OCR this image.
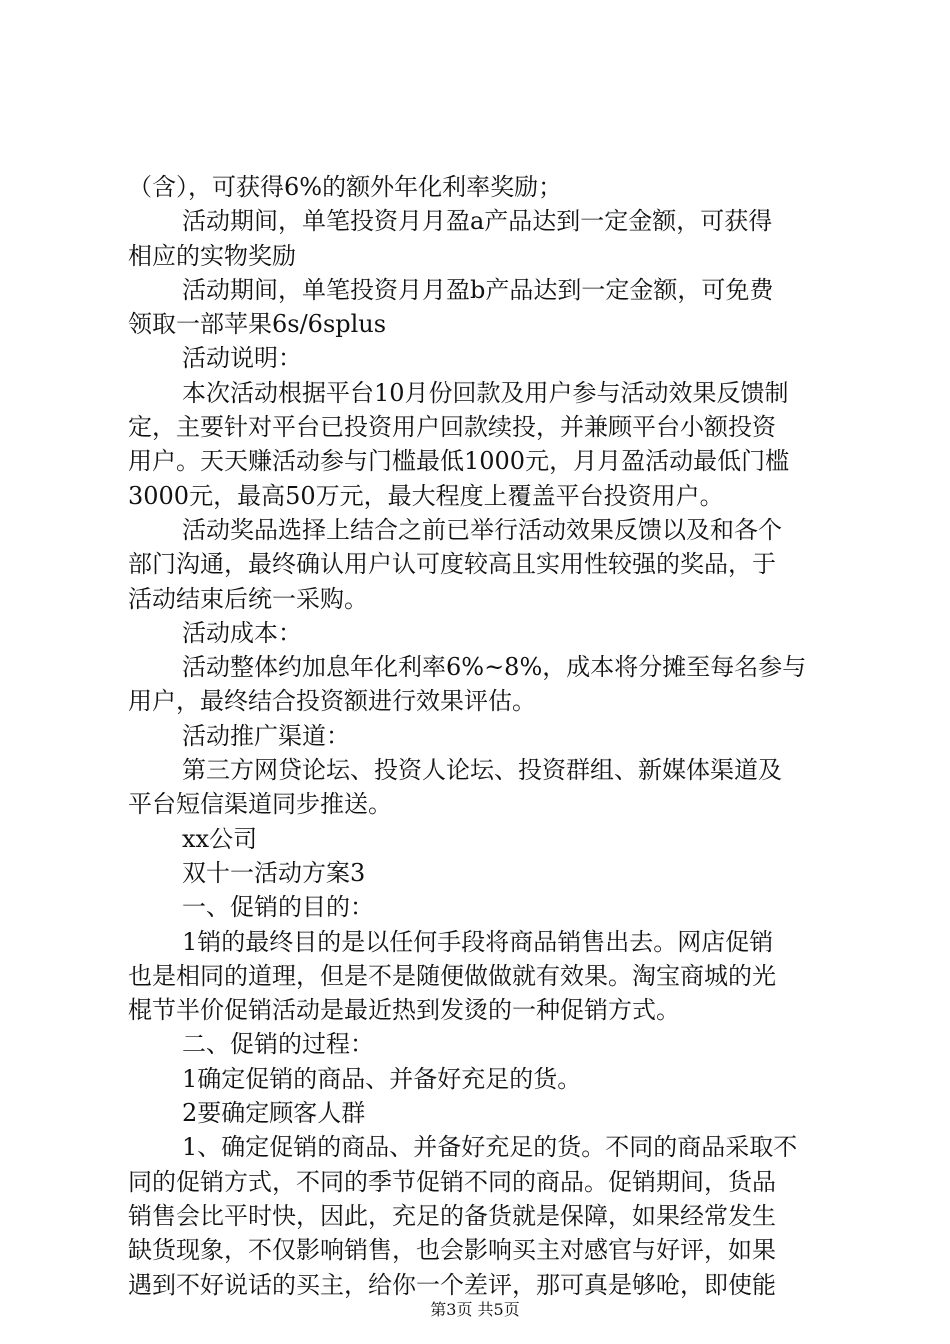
（含），可获得6%的额外年化利率奖励；
活动期间，单笔投资月月盈a产品达到一定金额，可获得
相应的实物奖励
活动期间，单笔投资月月盈b产品达到一定金额，可免费
领取一部苹果6s/6splus
活动说明：
本次活动根据平台10月份回款及用户参与活动效果反馈制
定，主要针对平台已投资用户回款续投，并兼顾平台小额投资
用户。天天赚活动参与门槛最低1000元，月月盈活动最低门槛
3000元，最高50万元，最大程度上覆盖平台投资用户。
活动奖品选择上结合之前已举行活动效果反馈以及和各个
部门沟通，最终确认用户认可度较高且实用性较强的奖品，于
活动结束后统一采购。
活动成本：
活动整体约加息年化利率6%~8%，成本将分摊至每名参与
用户，最终结合投资额进行效果评估。
活动推广渠道：
第三方网贷论坛、投资人论坛、投资群组、新媒体渠道及
平台短信渠道同步推送。
xx公司
双十一活动方案3
一、促销的目的：
1销的最终目的是以任何手段将商品销售出去。网店促销
也是相同的道理，但是不是随便做做就有效果。淘宝商城的光
棍节半价促销活动是最近热到发烫的一种促销方式。
二、促销的过程：
1确定促销的商品、并备好充足的货。
2要确定顾客人群
1、确定促销的商品、并备好充足的货。不同的商品采取不
同的促销方式，不同的季节促销不同的商品。促销期间，货品
销售会比平时快，因此，充足的备货就是保障，如果经常发生
缺货现象，不仅影响销售，也会影响买主对感官与好评，如果
遇到不好说话的买主，给你一个差评，那可真是够呛，即使能
第3页 共5页
